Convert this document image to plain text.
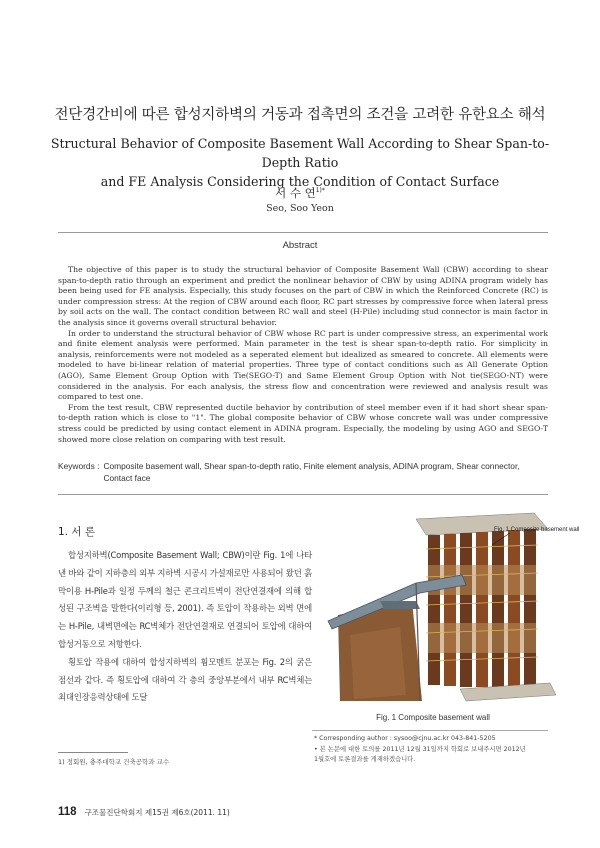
전단경간비에 따른 합성지하벽의 거동과 접촉면의 조건을 고려한 유한요소 해석
Structural Behavior of Composite Basement Wall According to Shear Span-to-Depth Ratio
and FE Analysis Considering the Condition of Contact Surface
서 수 연$^{1)*}$
Seo, Soo Yeon
Abstract

The objective of this paper is to study the structural behavior of Composite Basement Wall (CBW) according to shear span-to-depth ratio through an experiment and predict the nonlinear behavior of CBW by using ADINA program widely has been being used for FE analysis. Especially, this study focuses on the part of CBW in which the Reinforced Concrete (RC) is under compression stress: At the region of CBW around each floor, RC part stresses by compressive force when lateral press by soil acts on the wall. The contact condition between RC wall and steel (H-Pile) including stud connector is main factor in the analysis since it governs overall structural behavior.

In order to understand the structural behavior of CBW whose RC part is under compressive stress, an experimental work and finite element analysis were performed. Main parameter in the test is shear span-to-depth ratio. For simplicity in analysis, reinforcements were not modeled as a seperated element but idealized as smeared to concrete. All elements were modeled to have bi-linear relation of material properties. Three type of contact conditions such as All Generate Option (AGO), Same Element Group Option with Tie(SEGO-T) and Same Element Group Option with Not tie(SEGO-NT) were considered in the analysis. For each analysis, the stress flow and concentration were reviewed and analysis result was compared to test one.

From the test result, CBW represented ductile behavior by contribution of steel member even if it had short shear span-to-depth ration which is close to "1". The global composite behavior of CBW whose concrete wall was under compressive stress could be predicted by using contact element in ADINA program. Especially, the modeling by using AGO and SEGO-T showed more close relation on comparing with test result.

Keywords : Composite basement wall, Shear span-to-depth ratio, Finite element analysis, ADINA program, Shear connector, Contact face
1. 서 론

합성지하벽(Composite Basement Wall; CBW)이란 Fig. 1에 나타낸 바와 같이 지하층의 외부 지하벽 시공시 가설재로만 사용되어 왔던 흙막이용 H-Pile과 일정 두께의 철근 콘크리트벽이 전단연결재에 의해 합성된 구조벽을 말한다(이리형 등, 2001). 즉 토압이 작용하는 외벽 면에는 H-Pile, 내벽면에는 RC벽체가 전단연결재로 연결되어 토압에 대하여 합성거동으로 저항한다.

횡토압 작용에 대하여 합성지하벽의 휨모멘트 분포는 Fig. 2의 굵은 점선과 같다. 즉 횡토압에 대하여 각 층의 중앙부분에서 내부 RC벽체는 최대인장응력상태에 도달

1) 정회원, 충주대학교 건축공학과 교수
Fig. 1 Composite basement wall
Fig. 1 Composite basement wall
* Corresponding author : sysoo@cjnu.ac.kr 043-841-5205
• 본 논문에 대한 토의를 2011년 12월 31일까지 학회로 보내주시면 2012년
1월호에 토론결과를 게재하겠습니다.
118 구조물진단학회지 제15권 제6호(2011. 11)
